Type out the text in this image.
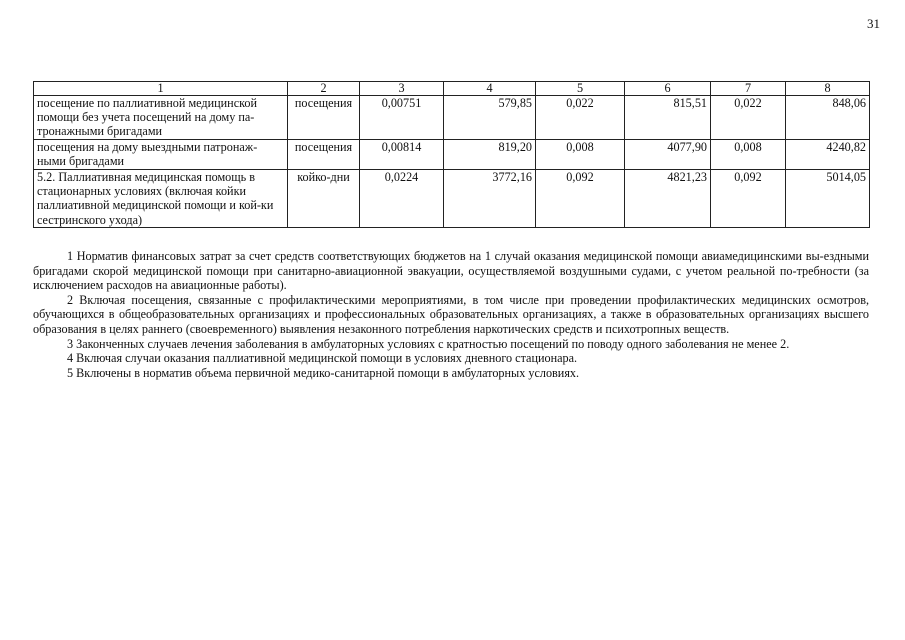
31
1	2	3	4	5	6	7	8
посещение по паллиативной медицинской помощи без учета посещений на дому па-тронажными бригадами	посещения	0,00751	579,85	0,022	815,51	0,022	848,06
посещения на дому выездными патронаж-ными бригадами	посещения	0,00814	819,20	0,008	4077,90	0,008	4240,82
5.2. Паллиативная медицинская помощь в стационарных условиях (включая койки паллиативной медицинской помощи и кой-ки сестринского ухода)	койко-дни	0,0224	3772,16	0,092	4821,23	0,092	5014,05

1 Норматив финансовых затрат за счет средств соответствующих бюджетов на 1 случай оказания медицинской помощи авиамедицинскими вы-ездными бригадами скорой медицинской помощи при санитарно-авиационной эвакуации, осуществляемой воздушными судами, с учетом реальной по-требности (за исключением расходов на авиационные работы).

2 Включая посещения, связанные с профилактическими мероприятиями, в том числе при проведении профилактических медицинских осмотров, обучающихся в общеобразовательных организациях и профессиональных образовательных организациях, а также в образовательных организациях высшего образования в целях раннего (своевременного) выявления незаконного потребления наркотических средств и психотропных веществ.

3 Законченных случаев лечения заболевания в амбулаторных условиях с кратностью посещений по поводу одного заболевания не менее 2.

4 Включая случаи оказания паллиативной медицинской помощи в условиях дневного стационара.

5 Включены в норматив объема первичной медико-санитарной помощи в амбулаторных условиях.
